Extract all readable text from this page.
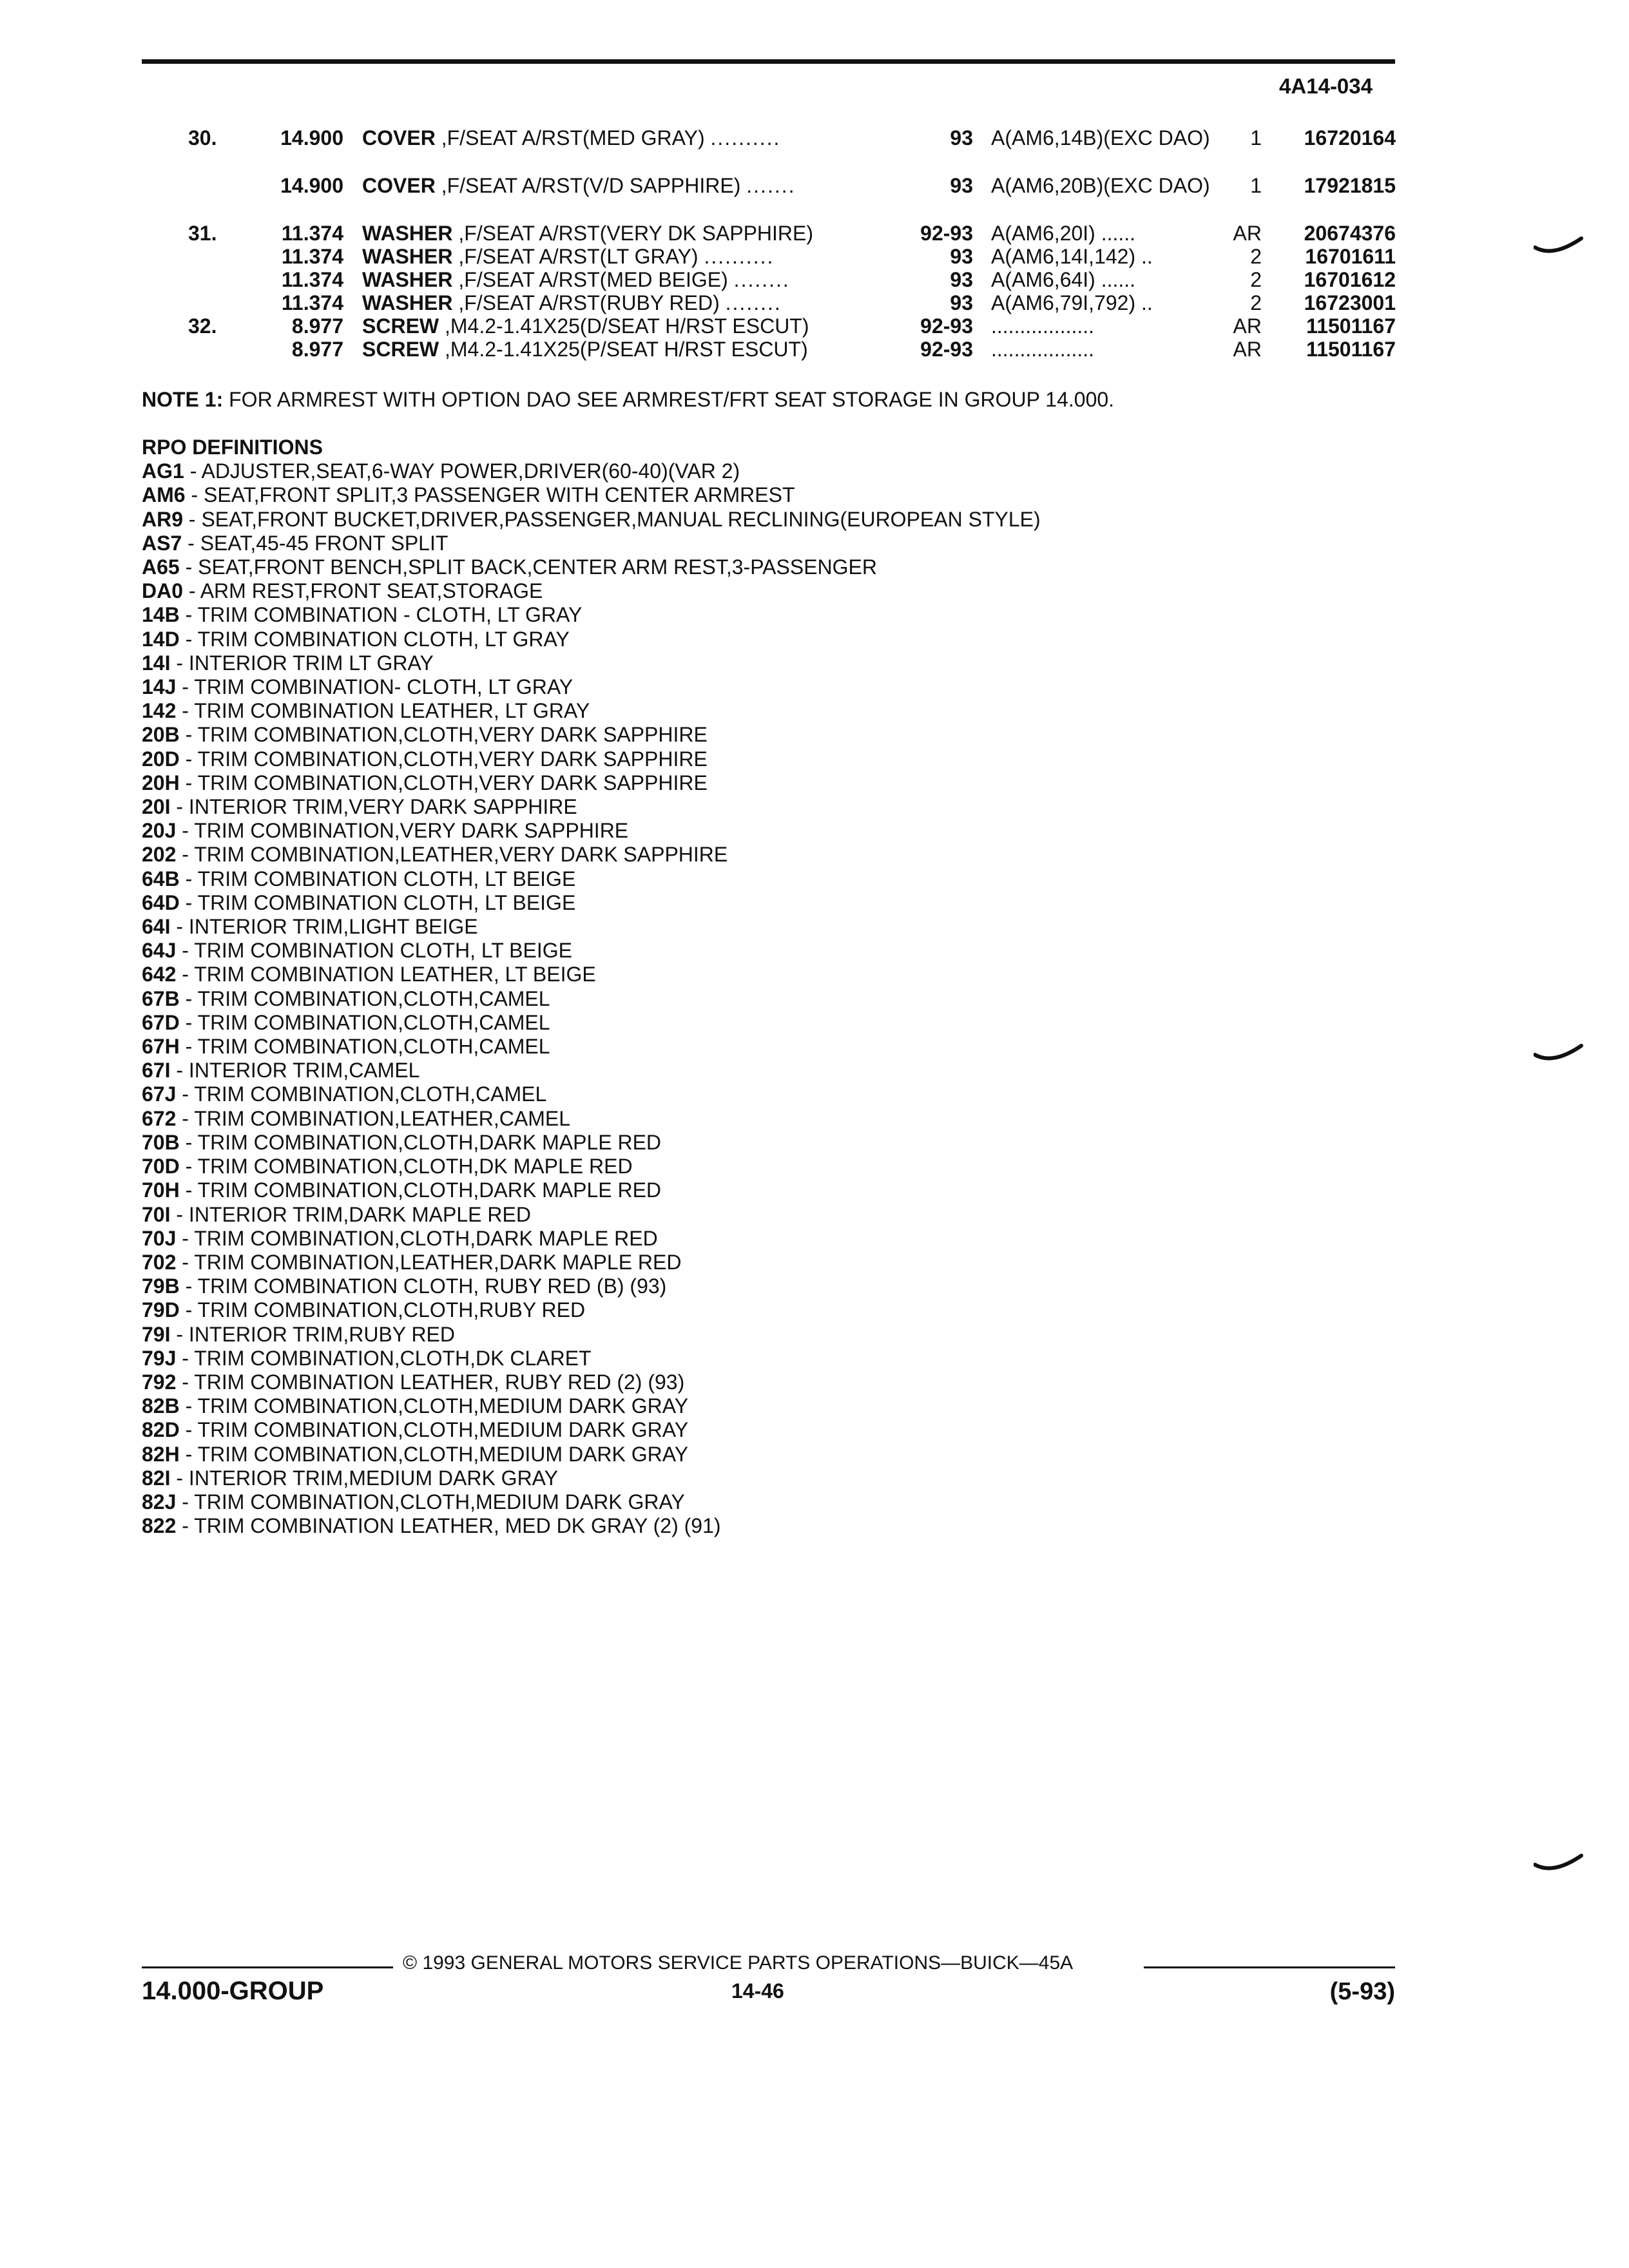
4A14-034
30.	14.900 COVER ,F/SEAT A/RST(MED GRAY) ..........	93 A(AM6,14B)(EXC DAO)	1	16720164
14.900 COVER ,F/SEAT A/RST(V/D SAPPHIRE) .......	93 A(AM6,20B)(EXC DAO)	1	17921815
31.	11.374 WASHER ,F/SEAT A/RST(VERY DK SAPPHIRE)	92-93 A(AM6,20I) ......	AR	20674376
11.374 WASHER ,F/SEAT A/RST(LT GRAY) ..........	93 A(AM6,14I,142) ..	2	16701611
11.374 WASHER ,F/SEAT A/RST(MED BEIGE) ........	93 A(AM6,64I) ......	2	16701612
11.374 WASHER ,F/SEAT A/RST(RUBY RED) ........	93 A(AM6,79I,792) ..	2	16723001
32.	8.977 SCREW ,M4.2-1.41X25(D/SEAT H/RST ESCUT)	92-93 ..................	AR	11501167
8.977 SCREW ,M4.2-1.41X25(P/SEAT H/RST ESCUT)	92-93 ..................	AR	11501167
NOTE 1: FOR ARMREST WITH OPTION DAO SEE ARMREST/FRT SEAT STORAGE IN GROUP 14.000.
RPO DEFINITIONS
AG1 - ADJUSTER,SEAT,6-WAY POWER,DRIVER(60-40)(VAR 2)
AM6 - SEAT,FRONT SPLIT,3 PASSENGER WITH CENTER ARMREST
AR9 - SEAT,FRONT BUCKET,DRIVER,PASSENGER,MANUAL RECLINING(EUROPEAN STYLE)
AS7 - SEAT,45-45 FRONT SPLIT
A65 - SEAT,FRONT BENCH,SPLIT BACK,CENTER ARM REST,3-PASSENGER
DA0 - ARM REST,FRONT SEAT,STORAGE
14B - TRIM COMBINATION - CLOTH, LT GRAY
14D - TRIM COMBINATION CLOTH, LT GRAY
14I - INTERIOR TRIM LT GRAY
14J - TRIM COMBINATION- CLOTH, LT GRAY
142 - TRIM COMBINATION LEATHER, LT GRAY
20B - TRIM COMBINATION,CLOTH,VERY DARK SAPPHIRE
20D - TRIM COMBINATION,CLOTH,VERY DARK SAPPHIRE
20H - TRIM COMBINATION,CLOTH,VERY DARK SAPPHIRE
20I - INTERIOR TRIM,VERY DARK SAPPHIRE
20J - TRIM COMBINATION,VERY DARK SAPPHIRE
202 - TRIM COMBINATION,LEATHER,VERY DARK SAPPHIRE
64B - TRIM COMBINATION CLOTH, LT BEIGE
64D - TRIM COMBINATION CLOTH, LT BEIGE
64I - INTERIOR TRIM,LIGHT BEIGE
64J - TRIM COMBINATION CLOTH, LT BEIGE
642 - TRIM COMBINATION LEATHER, LT BEIGE
67B - TRIM COMBINATION,CLOTH,CAMEL
67D - TRIM COMBINATION,CLOTH,CAMEL
67H - TRIM COMBINATION,CLOTH,CAMEL
67I - INTERIOR TRIM,CAMEL
67J - TRIM COMBINATION,CLOTH,CAMEL
672 - TRIM COMBINATION,LEATHER,CAMEL
70B - TRIM COMBINATION,CLOTH,DARK MAPLE RED
70D - TRIM COMBINATION,CLOTH,DK MAPLE RED
70H - TRIM COMBINATION,CLOTH,DARK MAPLE RED
70I - INTERIOR TRIM,DARK MAPLE RED
70J - TRIM COMBINATION,CLOTH,DARK MAPLE RED
702 - TRIM COMBINATION,LEATHER,DARK MAPLE RED
79B - TRIM COMBINATION CLOTH, RUBY RED (B) (93)
79D - TRIM COMBINATION,CLOTH,RUBY RED
79I - INTERIOR TRIM,RUBY RED
79J - TRIM COMBINATION,CLOTH,DK CLARET
792 - TRIM COMBINATION LEATHER, RUBY RED (2) (93)
82B - TRIM COMBINATION,CLOTH,MEDIUM DARK GRAY
82D - TRIM COMBINATION,CLOTH,MEDIUM DARK GRAY
82H - TRIM COMBINATION,CLOTH,MEDIUM DARK GRAY
82I - INTERIOR TRIM,MEDIUM DARK GRAY
82J - TRIM COMBINATION,CLOTH,MEDIUM DARK GRAY
822 - TRIM COMBINATION LEATHER, MED DK GRAY (2) (91)
© 1993 GENERAL MOTORS SERVICE PARTS OPERATIONS—BUICK—45A
14.000-GROUP	14-46	(5-93)
